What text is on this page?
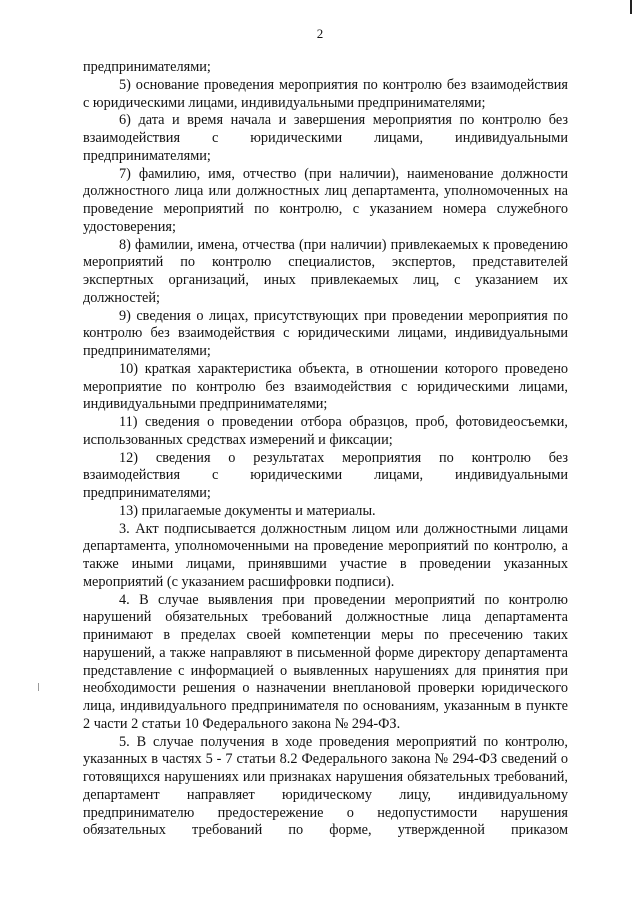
2

предпринимателями;

5) основание проведения мероприятия по контролю без взаимодействия с юридическими лицами, индивидуальными предпринимателями;

6) дата и время начала и завершения мероприятия по контролю без взаимодействия с юридическими лицами, индивидуальными предпринимателями;

7) фамилию, имя, отчество (при наличии), наименование должности должностного лица или должностных лиц департамента, уполномоченных на проведение мероприятий по контролю, с указанием номера служебного удостоверения;

8) фамилии, имена, отчества (при наличии) привлекаемых к проведению мероприятий по контролю специалистов, экспертов, представителей экспертных организаций, иных привлекаемых лиц, с указанием их должностей;

9) сведения о лицах, присутствующих при проведении мероприятия по контролю без взаимодействия с юридическими лицами, индивидуальными предпринимателями;

10) краткая характеристика объекта, в отношении которого проведено мероприятие по контролю без взаимодействия с юридическими лицами, индивидуальными предпринимателями;

11) сведения о проведении отбора образцов, проб, фотовидеосъемки, использованных средствах измерений и фиксации;

12) сведения о результатах мероприятия по контролю без взаимодействия с юридическими лицами, индивидуальными предпринимателями;

13) прилагаемые документы и материалы.

3. Акт подписывается должностным лицом или должностными лицами департамента, уполномоченными на проведение мероприятий по контролю, а также иными лицами, принявшими участие в проведении указанных мероприятий (с указанием расшифровки подписи).

4. В случае выявления при проведении мероприятий по контролю нарушений обязательных требований должностные лица департамента принимают в пределах своей компетенции меры по пресечению таких нарушений, а также направляют в письменной форме директору департамента представление с информацией о выявленных нарушениях для принятия при необходимости решения о назначении внеплановой проверки юридического лица, индивидуального предпринимателя по основаниям, указанным в пункте 2 части 2 статьи 10 Федерального закона № 294-ФЗ.

5. В случае получения в ходе проведения мероприятий по контролю, указанных в частях 5 - 7 статьи 8.2 Федерального закона № 294-ФЗ сведений о готовящихся нарушениях или признаках нарушения обязательных требований, департамент направляет юридическому лицу, индивидуальному предпринимателю предостережение о недопустимости нарушения обязательных требований по форме, утвержденной приказом
